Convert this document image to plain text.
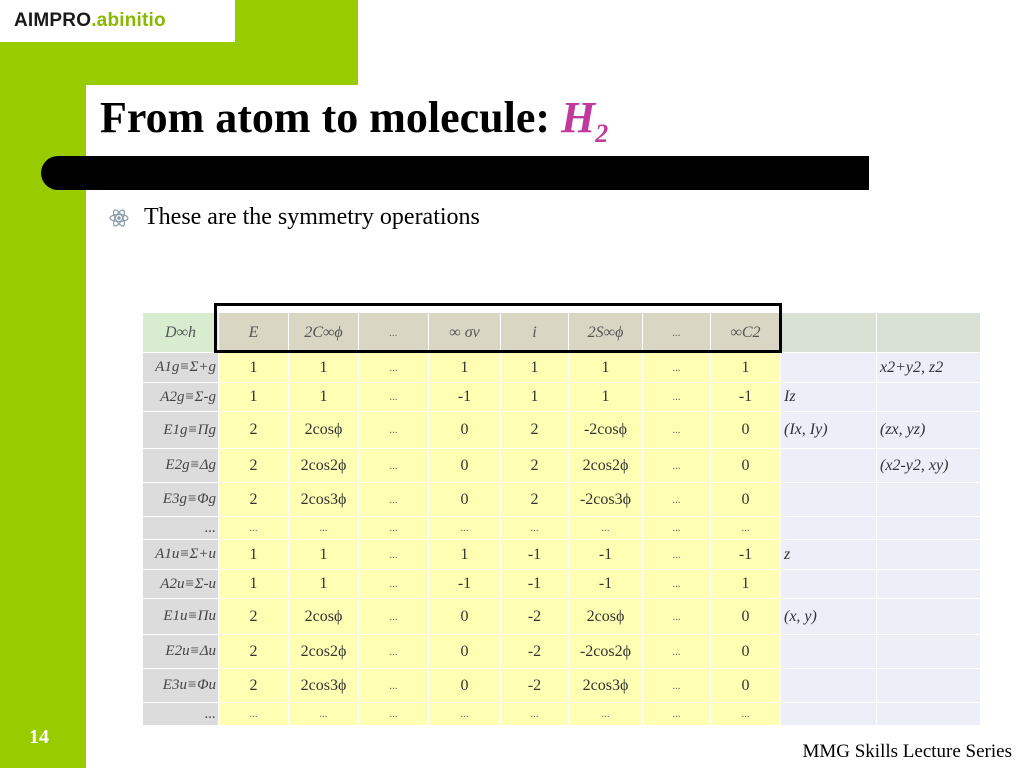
AIMPRO .abinitio
From atom to molecule: $H_2$
These are the symmetry operations
D∞h	E	2C∞ϕ	...	∞ σv	i	2S∞ϕ	...	∞C2		
A1g≡Σ+g	1	1	...	1	1	1	...	1		x2+y2, z2
A2g≡Σ-g	1	1	...	-1	1	1	...	-1	Iz	
E1g≡Πg	2	2cosϕ	...	0	2	-2cosϕ	...	0	(Ix, Iy)	(zx, yz)
E2g≡Δg	2	2cos2ϕ	...	0	2	2cos2ϕ	...	0		(x2-y2, xy)
E3g≡Φg	2	2cos3ϕ	...	0	2	-2cos3ϕ	...	0		
...	...	...	...	...	...	...	...	...		
A1u≡Σ+u	1	1	...	1	-1	-1	...	-1	z	
A2u≡Σ-u	1	1	...	-1	-1	-1	...	1		
E1u≡Πu	2	2cosϕ	...	0	-2	2cosϕ	...	0	(x, y)	
E2u≡Δu	2	2cos2ϕ	...	0	-2	-2cos2ϕ	...	0		
E3u≡Φu	2	2cos3ϕ	...	0	-2	2cos3ϕ	...	0		
...	...	...	...	...	...	...	...	...		
14
MMG Skills Lecture Series
